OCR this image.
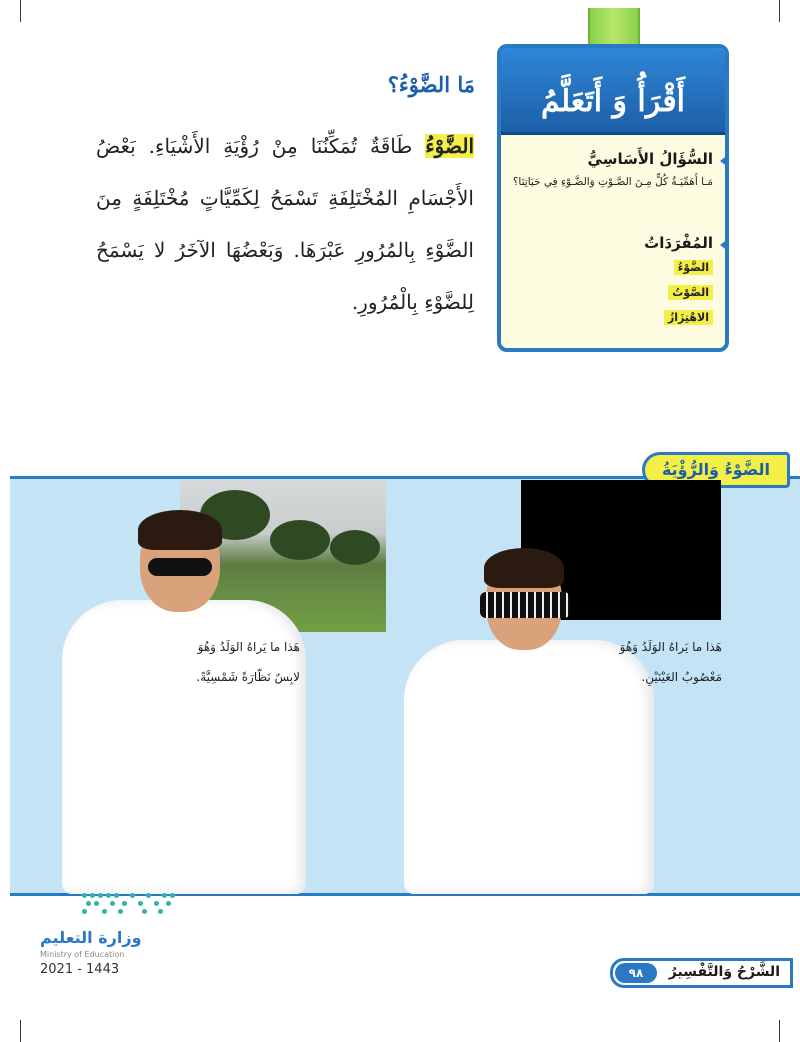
أَقْرَأُ وَ أَتَعَلَّمُ
السُّؤَالُ الأَسَاسِيُّ
مَـا أَهَمِّيَـةُ كُلٍّ مِـنَ الصَّـوْتِ وَالضَّـوْءِ فِي حَيَاتِنَا؟
المُفْرَدَاتُ
الضَّوْءُ
الصَّوْتُ
الاهْتِزَازُ
مَا الضَّوْءُ؟
الضَّوْءُ طَاقَةٌ تُمَكِّنُنَا مِنْ رُؤْيَةِ الأَشْيَاءِ. بَعْضُ الأَجْسَامِ المُخْتَلِفَةِ تَسْمَحُ لِكَمِّيَّاتٍ مُخْتَلِفَةٍ مِنَ الضَّوْءِ بِالمُرُورِ عَبْرَهَا. وَبَعْضُهَا الآخَرُ لا يَسْمَحُ لِلضَّوْءِ بِالْمُرُورِ.
الضَّوْءُ وَالرُّؤْيَةُ
هَذا ما يَراهُ الوَلَدُ وَهُوَ لابِسٌ نَظّارَةً شَمْسِيَّةً.
هَذا ما يَراهُ الوَلَدُ وَهُوَ مَعْصُوبُ العَيْنَيْنِ.
وزارة التعليم
Ministry of Education
2021 - 1443	الشَّرْحُ وَالتَّفْسِيرُ
٩٨
